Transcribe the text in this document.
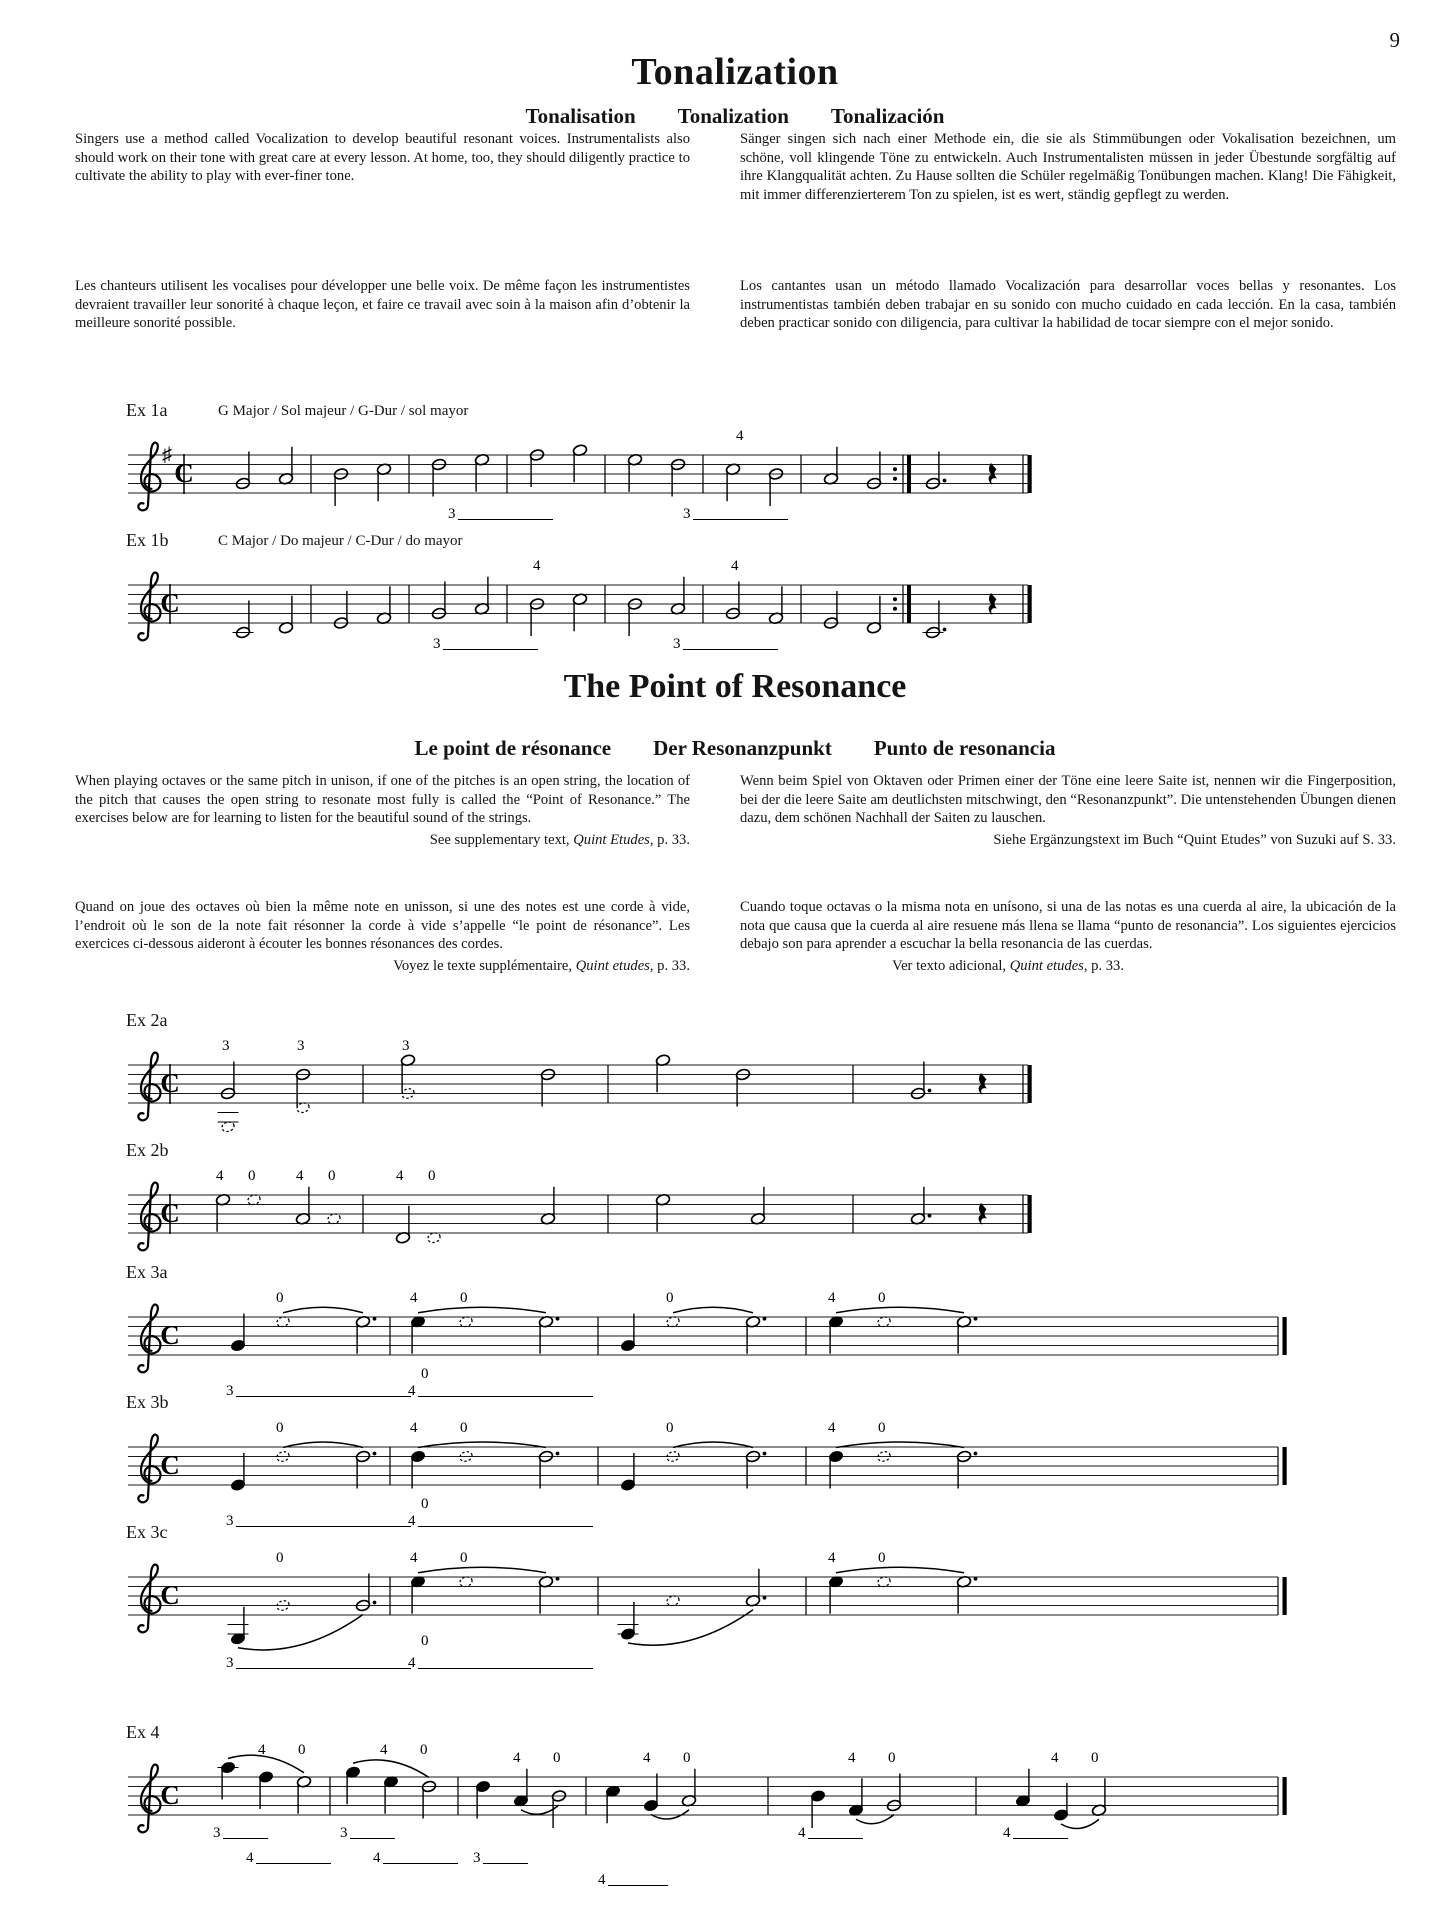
9
Tonalization
Tonalisation Tonalization Tonalización
Singers use a method called Vocalization to develop beautiful resonant voices. Instrumentalists also should work on their tone with great care at every lesson. At home, too, they should diligently practice to cultivate the ability to play with ever-finer tone.
Sänger singen sich nach einer Methode ein, die sie als Stimmübungen oder Vokalisation bezeichnen, um schöne, voll klingende Töne zu entwickeln. Auch Instrumentalisten müssen in jeder Übestunde sorgfältig auf ihre Klangqualität achten. Zu Hause sollten die Schüler regelmäßig Tonübungen machen. Klang! Die Fähigkeit, mit immer differenzierterem Ton zu spielen, ist es wert, ständig gepflegt zu werden.
Les chanteurs utilisent les vocalises pour développer une belle voix. De même façon les instrumentistes devraient travailler leur sonorité à chaque leçon, et faire ce travail avec soin à la maison afin d’obtenir la meilleure sonorité possible.
Los cantantes usan un método llamado Vocalización para desarrollar voces bellas y resonantes. Los instrumentistas también deben trabajar en su sonido con mucho cuidado en cada lección. En la casa, también deben practicar sonido con diligencia, para cultivar la habilidad de tocar siempre con el mejor sonido.
The Point of Resonance
Le point de résonance Der Resonanzpunkt Punto de resonancia
When playing octaves or the same pitch in unison, if one of the pitches is an open string, the location of the pitch that causes the open string to resonate most fully is called the “Point of Resonance.” The exercises below are for learning to listen for the beautiful sound of the strings.
See supplementary text, Quint Etudes, p. 33.
Wenn beim Spiel von Oktaven oder Primen einer der Töne eine leere Saite ist, nennen wir die Fingerposition, bei der die leere Saite am deutlichsten mitschwingt, den “Resonanzpunkt”. Die untenstehenden Übungen dienen dazu, dem schönen Nachhall der Saiten zu lauschen.
Siehe Ergänzungstext im Buch “Quint Etudes” von Suzuki auf S. 33.
Quand on joue des octaves où bien la même note en unisson, si une des notes est une corde à vide, l’endroit où le son de la note fait résonner la corde à vide s’appelle “le point de résonance”. Les exercices ci-dessous aideront à écouter les bonnes résonances des cordes.
Voyez le texte supplémentaire, Quint etudes, p. 33.
Cuando toque octavas o la misma nota en unísono, si una de las notas es una cuerda al aire, la ubicación de la nota que causa que la cuerda al aire resuene más llena se llama “punto de resonancia”. Los siguientes ejercicios debajo son para aprender a escuchar la bella resonancia de las cuerdas.
Ver texto adicional, Quint etudes, p. 33.
Ex 1a	G Major / Sol majeur / G-Dur / sol mayor
♯
C
4
3	3
Ex 1b	C Major / Do majeur / C-Dur / do mayor
C
4	4
3	3
Ex 2a
C
3	3	3
Ex 2b
C
4 0	4 0	4 0
Ex 3a
C
0	4	0	0	4	0
3
0
4
Ex 3b
C
0	4	0	0	4	0
3
0
4
Ex 3c
C
0	4	0	4	0
3
0
4
Ex 4
C
4 0	4 0	4 0	4 0	4 0	4 0
3	3
4	4	3
4	4
4
